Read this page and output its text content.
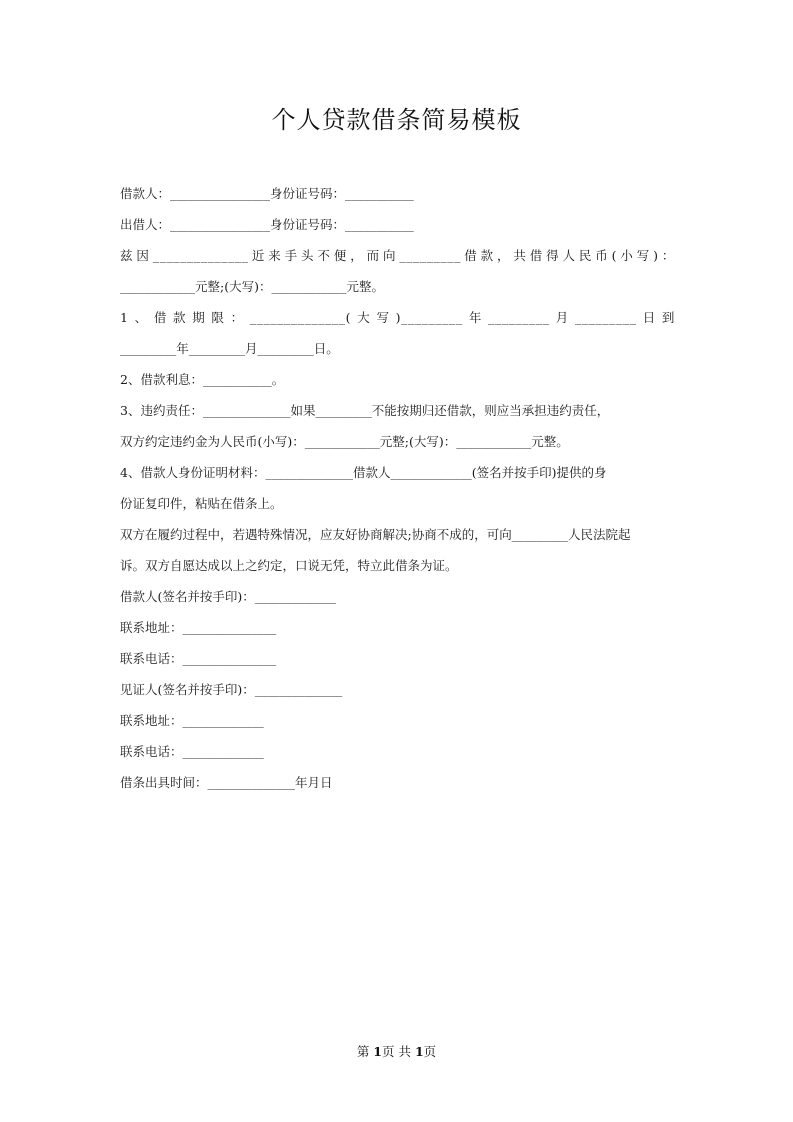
个人贷款借条简易模板
借款人：________________身份证号码：___________
出借人：________________身份证号码：___________
兹因______________近来手头不便，而向_________借款，共借得人民币(小写)：
____________元整;(大写)：____________元整。
1、借款期限：______________(大写)_________年_________月_________日到
_________年_________月_________日。
2、借款利息：___________。
3、违约责任：______________如果_________不能按期归还借款，则应当承担违约责任，
双方约定违约金为人民币(小写)：____________元整;(大写)：____________元整。
4、借款人身份证明材料：______________借款人_____________(签名并按手印)提供的身
份证复印件，粘贴在借条上。
双方在履约过程中，若遇特殊情况，应友好协商解决;协商不成的，可向_________人民法院起
诉。双方自愿达成以上之约定，口说无凭，特立此借条为证。
借款人(签名并按手印)：_____________
联系地址：_______________
联系电话：_______________
见证人(签名并按手印)：______________
联系地址：_____________
联系电话：_____________
借条出具时间：______________年月日
第 1页 共 1页
